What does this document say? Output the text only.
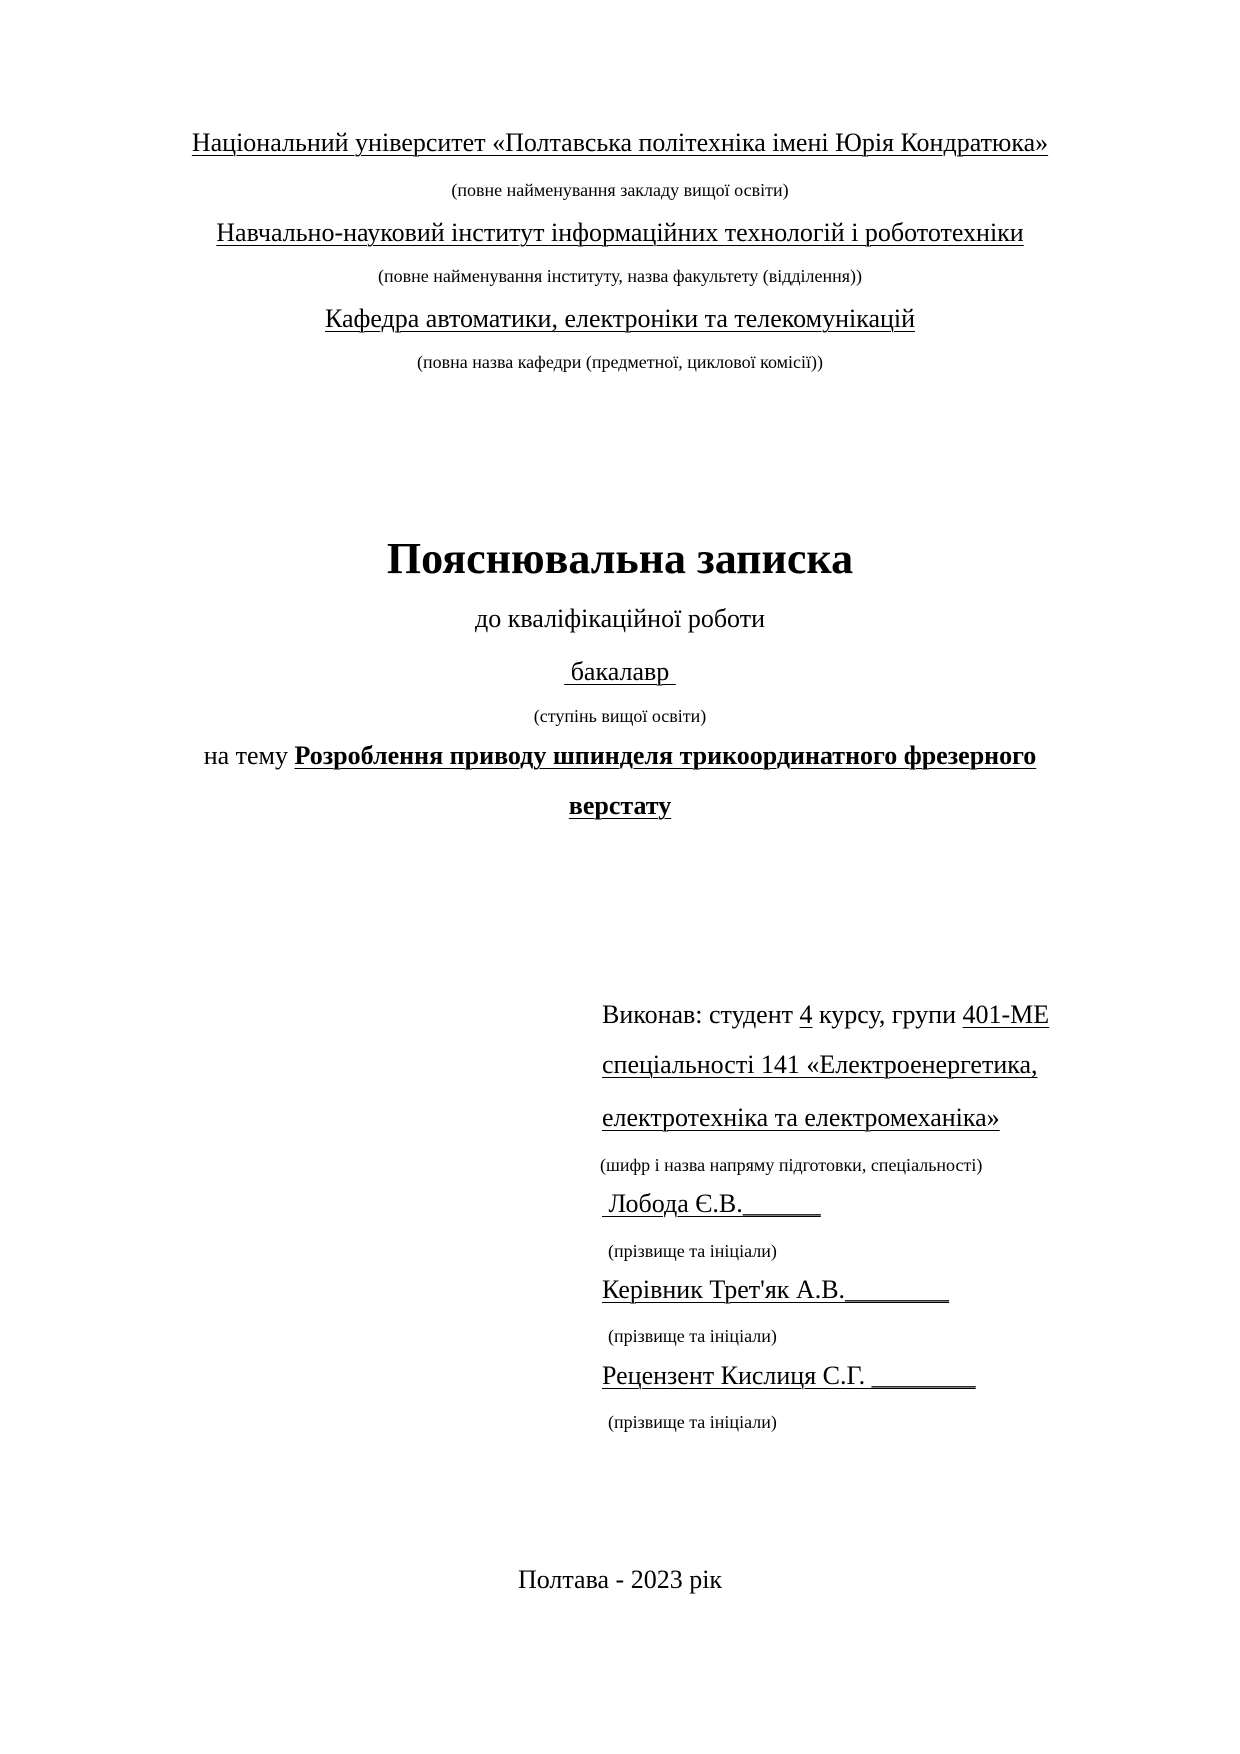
Національний університет «Полтавська політехніка імені Юрія Кондратюка»
(повне найменування закладу вищої освіти)
Навчально-науковий інститут інформаційних технологій і робототехніки
(повне найменування інституту, назва факультету (відділення))
Кафедра автоматики, електроніки та телекомунікацій
(повна назва кафедри (предметної, циклової комісії))
Пояснювальна записка
до кваліфікаційної роботи
бакалавр
(ступінь вищої освіти)
на тему Розроблення приводу шпинделя трикоординатного фрезерного
верстату
Виконав: студент 4 курсу, групи 401-МЕ
спеціальності 141 «Електроенергетика,
електротехніка та електромеханіка»
(шифр і назва напряму підготовки, спеціальності)
Лобода Є.В.______
(прізвище та ініціали)
Керівник Трет'як А.В.________
(прізвище та ініціали)
Рецензент Кислиця С.Г. ________
(прізвище та ініціали)
Полтава - 2023 рік
